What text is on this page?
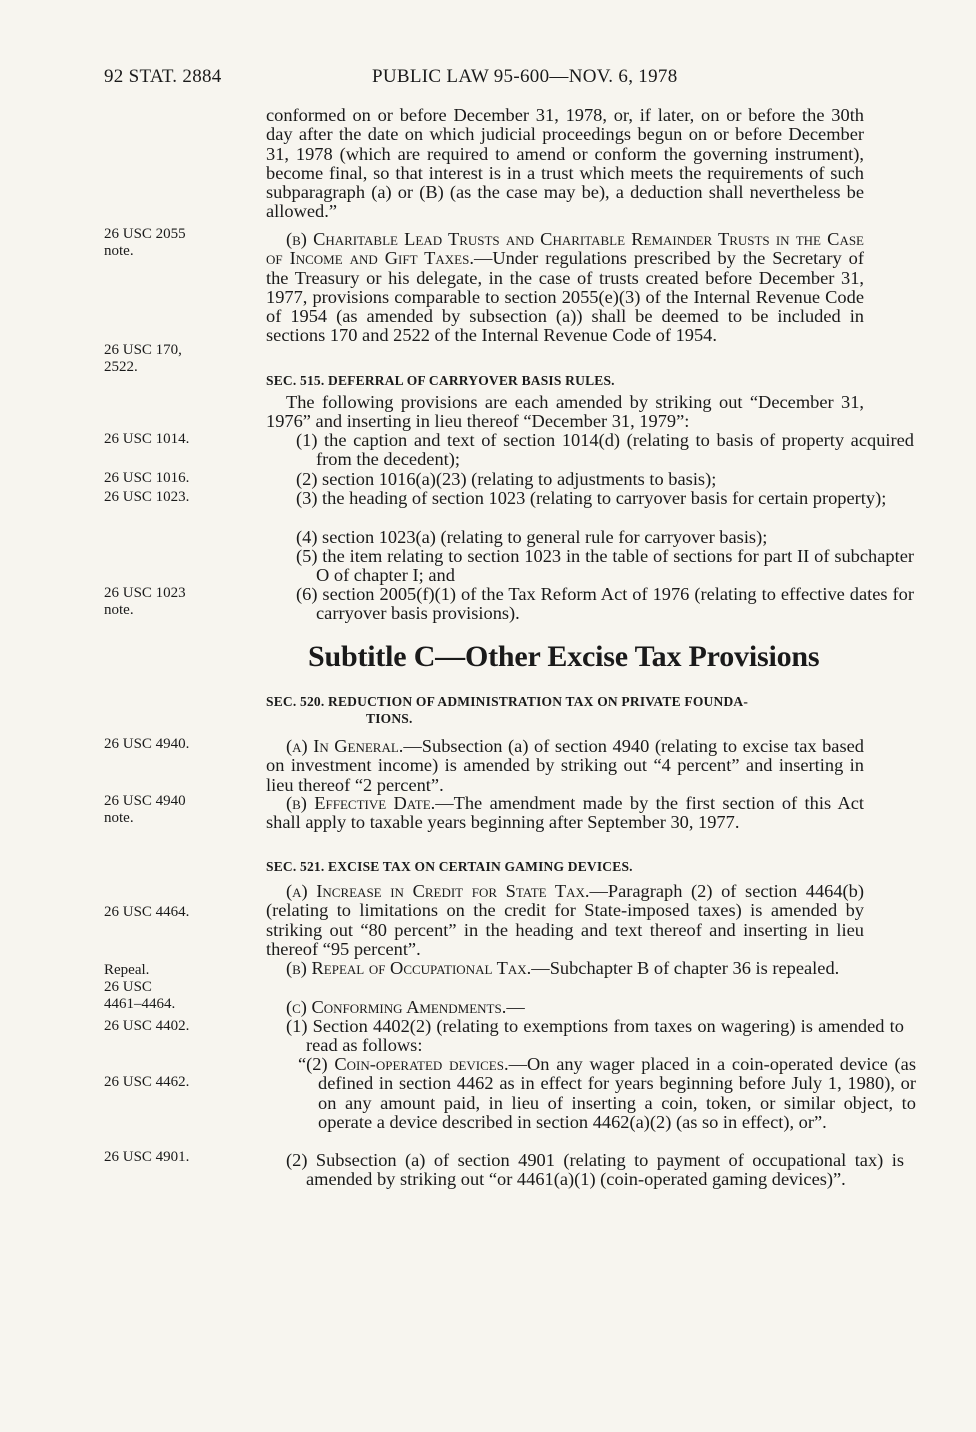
92 STAT. 2884	PUBLIC LAW 95-600—NOV. 6, 1978
26 USC 2055
note.
26 USC 170,
2522.
26 USC 1014.
26 USC 1016.
26 USC 1023.
26 USC 1023
note.
26 USC 4940.
26 USC 4940
note.
26 USC 4464.
Repeal.
26 USC
4461–4464.
26 USC 4402.
26 USC 4462.
26 USC 4901.
conformed on or before December 31, 1978, or, if later, on or before the 30th day after the date on which judicial proceedings begun on or before December 31, 1978 (which are required to amend or conform the governing instrument), become final, so that interest is in a trust which meets the requirements of such subparagraph (a) or (B) (as the case may be), a deduction shall nevertheless be allowed.”
(b) Charitable Lead Trusts and Charitable Remainder Trusts in the Case of Income and Gift Taxes.—Under regulations prescribed by the Secretary of the Treasury or his delegate, in the case of trusts created before December 31, 1977, provisions comparable to section 2055(e)(3) of the Internal Revenue Code of 1954 (as amended by subsection (a)) shall be deemed to be included in sections 170 and 2522 of the Internal Revenue Code of 1954.
SEC. 515. DEFERRAL OF CARRYOVER BASIS RULES.
The following provisions are each amended by striking out “December 31, 1976” and inserting in lieu thereof “December 31, 1979”:
(1) the caption and text of section 1014(d) (relating to basis of property acquired from the decedent);
(2) section 1016(a)(23) (relating to adjustments to basis);
(3) the heading of section 1023 (relating to carryover basis for certain property);
(4) section 1023(a) (relating to general rule for carryover basis);
(5) the item relating to section 1023 in the table of sections for part II of subchapter O of chapter I; and
(6) section 2005(f)(1) of the Tax Reform Act of 1976 (relating to effective dates for carryover basis provisions).
Subtitle C—Other Excise Tax Provisions
SEC. 520. REDUCTION OF ADMINISTRATION TAX ON PRIVATE FOUNDA-
TIONS.
(a) In General.—Subsection (a) of section 4940 (relating to excise tax based on investment income) is amended by striking out “4 percent” and inserting in lieu thereof “2 percent”.
(b) Effective Date.—The amendment made by the first section of this Act shall apply to taxable years beginning after September 30, 1977.
SEC. 521. EXCISE TAX ON CERTAIN GAMING DEVICES.
(a) Increase in Credit for State Tax.—Paragraph (2) of section 4464(b) (relating to limitations on the credit for State-imposed taxes) is amended by striking out “80 percent” in the heading and text thereof and inserting in lieu thereof “95 percent”.
(b) Repeal of Occupational Tax.—Subchapter B of chapter 36 is repealed.
(c) Conforming Amendments.—
(1) Section 4402(2) (relating to exemptions from taxes on wagering) is amended to read as follows:
“(2) Coin-operated devices.—On any wager placed in a coin-operated device (as defined in section 4462 as in effect for years beginning before July 1, 1980), or on any amount paid, in lieu of inserting a coin, token, or similar object, to operate a device described in section 4462(a)(2) (as so in effect), or”.
(2) Subsection (a) of section 4901 (relating to payment of occupational tax) is amended by striking out “or 4461(a)(1) (coin-operated gaming devices)”.
